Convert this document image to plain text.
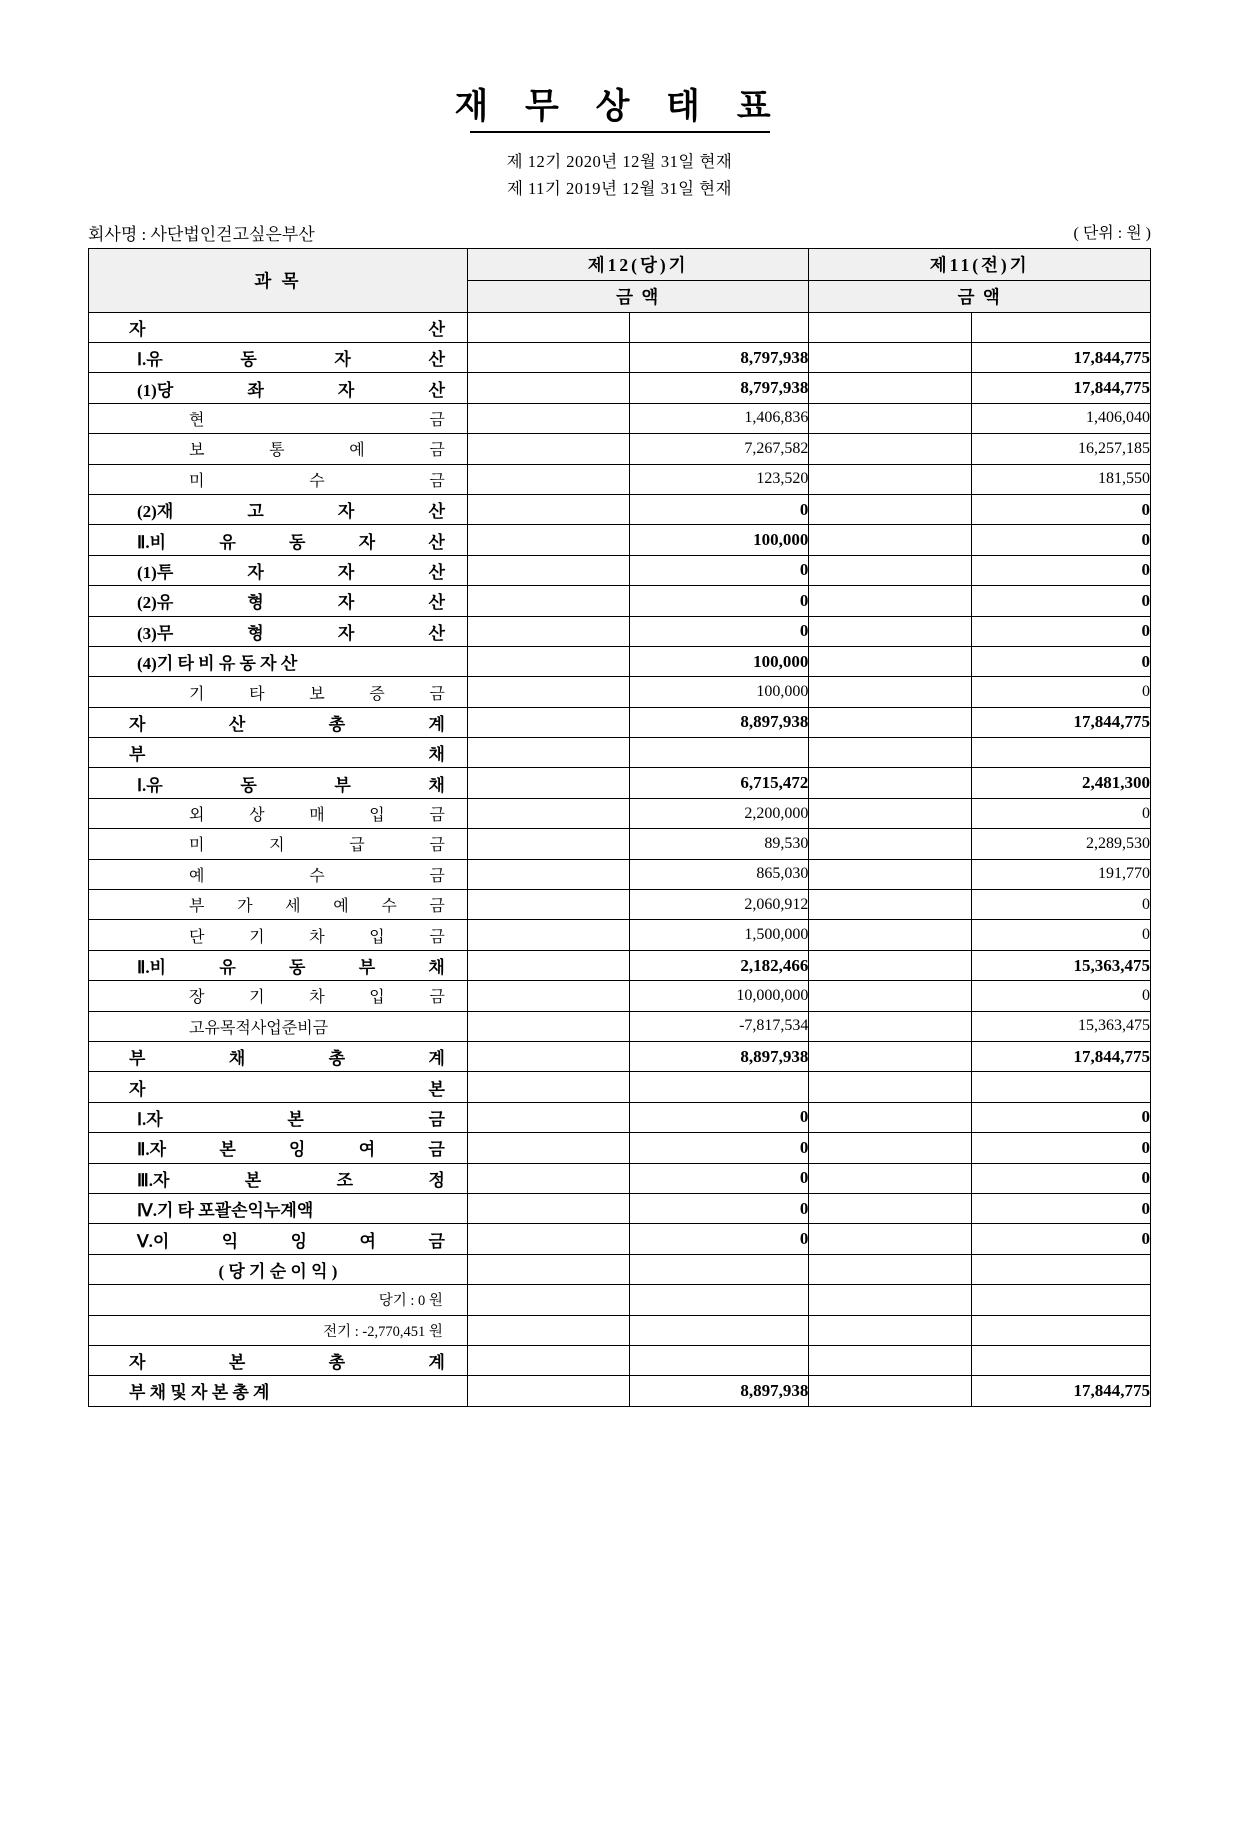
재 무 상 태 표
제 12기 2020년 12월 31일 현재
제 11기 2019년 12월 31일 현재
회사명 : 사단법인걷고싶은부산	( 단위 : 원 )
과 목	제12(당)기		제11(전)기	
	금 액		금 액	

자 산				

Ⅰ.유 동 자 산		8,797,938		17,844,775

(1)당 좌 자 산		8,797,938		17,844,775

현 금		1,406,836		1,406,040

보 통 예 금		7,267,582		16,257,185

미 수 금		123,520		181,550

(2)재 고 자 산		0		0

Ⅱ.비 유 동 자 산		100,000		0

(1)투 자 자 산		0		0

(2)유 형 자 산		0		0

(3)무 형 자 산		0		0
(4)기 타 비 유 동 자 산		100,000		0

기 타 보 증 금		100,000		0

자 산 총 계		8,897,938		17,844,775

부 채				

Ⅰ.유 동 부 채		6,715,472		2,481,300

외 상 매 입 금		2,200,000		0

미 지 급 금		89,530		2,289,530

예 수 금		865,030		191,770

부 가 세 예 수 금		2,060,912		0

단 기 차 입 금		1,500,000		0

Ⅱ.비 유 동 부 채		2,182,466		15,363,475

장 기 차 입 금		10,000,000		0
고유목적사업준비금		-7,817,534		15,363,475

부 채 총 계		8,897,938		17,844,775

자 본				

Ⅰ.자 본 금		0		0

Ⅱ.자 본 잉 여 금		0		0

Ⅲ.자 본 조 정		0		0
Ⅳ.기 타 포괄손익누계액		0		0

Ⅴ.이 익 잉 여 금		0		0
( 당 기 순 이 익 )				
당기 : 0 원				
전기 : -2,770,451 원				

자 본 총 계				

부 채 및 자 본 총 계		8,897,938		17,844,775
